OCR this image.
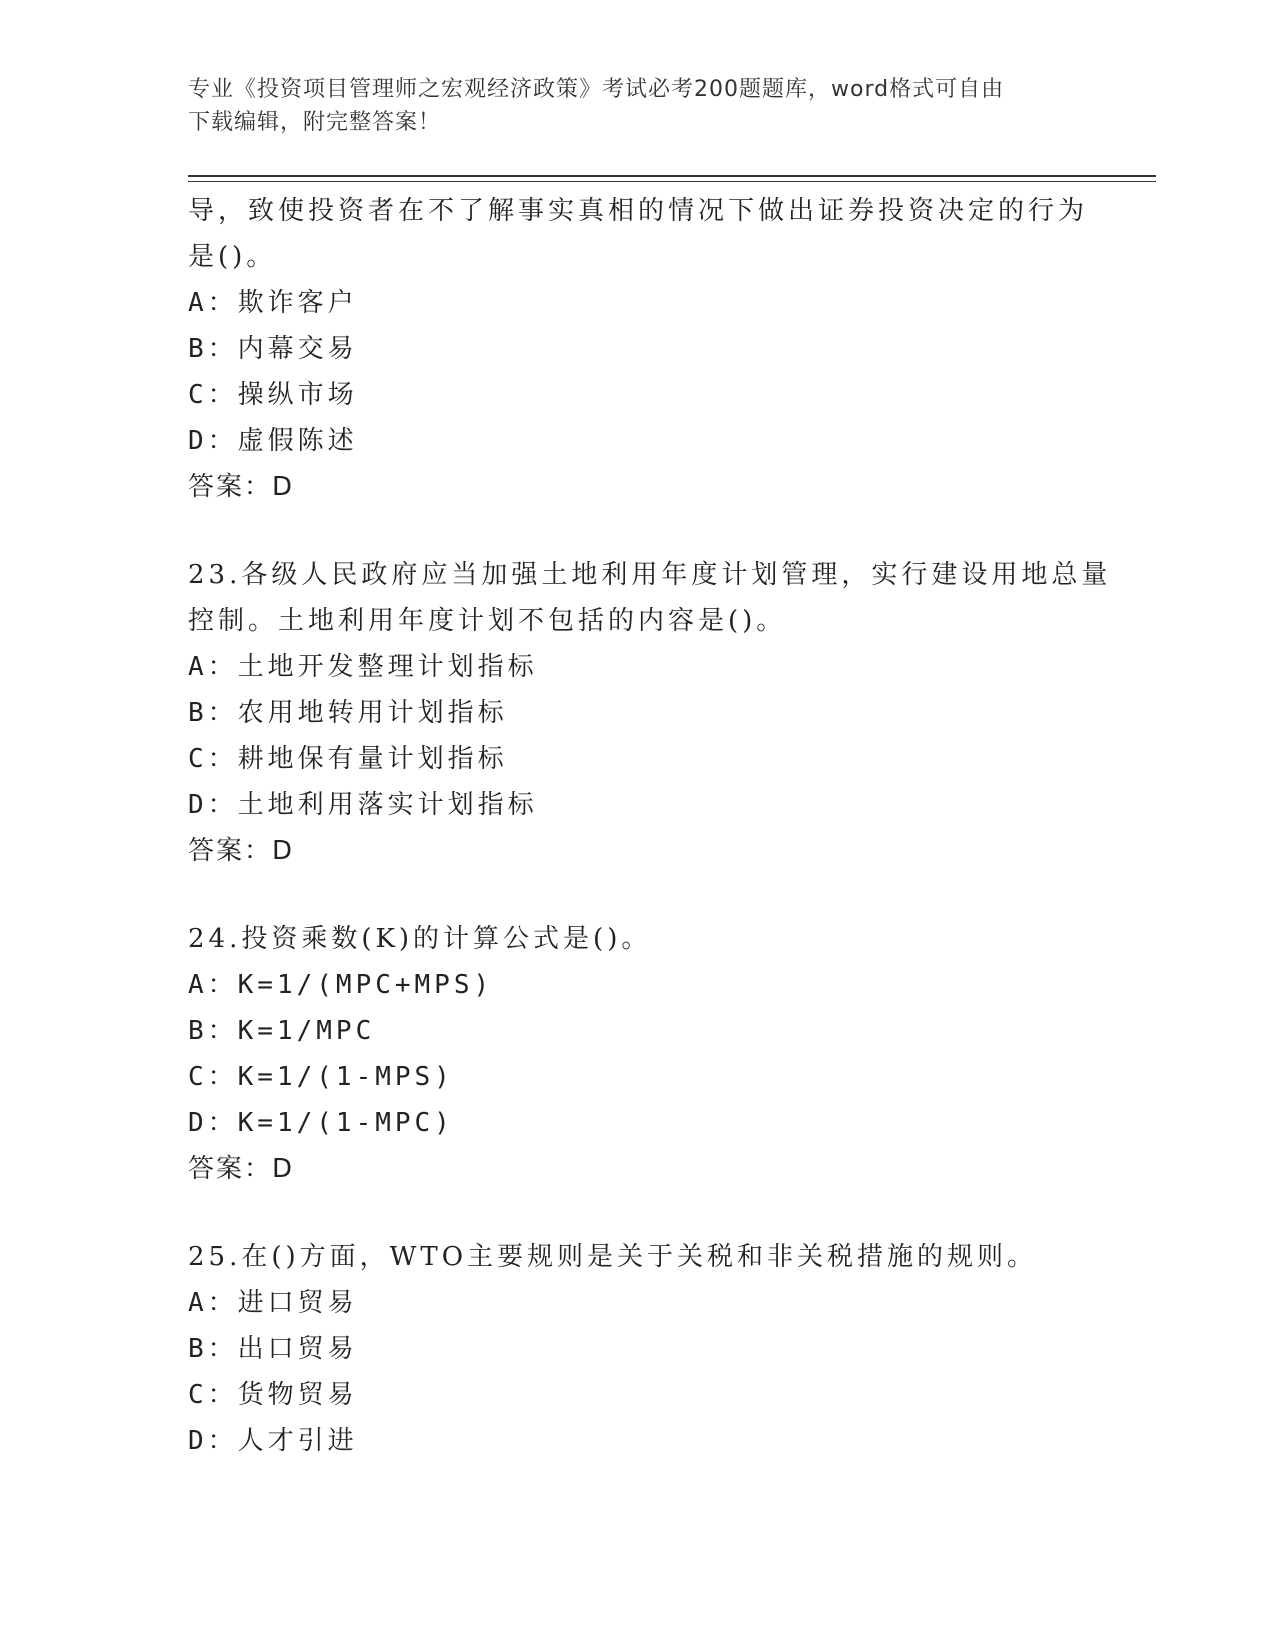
专业《投资项目管理师之宏观经济政策》考试必考200题题库，word格式可自由
下载编辑，附完整答案！
导，致使投资者在不了解事实真相的情况下做出证券投资决定的行为
是()。
A：欺诈客户
B：内幕交易
C：操纵市场
D：虚假陈述
答案：D
23.各级人民政府应当加强土地利用年度计划管理，实行建设用地总量
控制。土地利用年度计划不包括的内容是()。
A：土地开发整理计划指标
B：农用地转用计划指标
C：耕地保有量计划指标
D：土地利用落实计划指标
答案：D
24.投资乘数(K)的计算公式是()。
A：K=1/(MPC+MPS)
B：K=1/MPC
C：K=1/(1-MPS)
D：K=1/(1-MPC)
答案：D
25.在()方面，WTO主要规则是关于关税和非关税措施的规则。
A：进口贸易
B：出口贸易
C：货物贸易
D：人才引进
